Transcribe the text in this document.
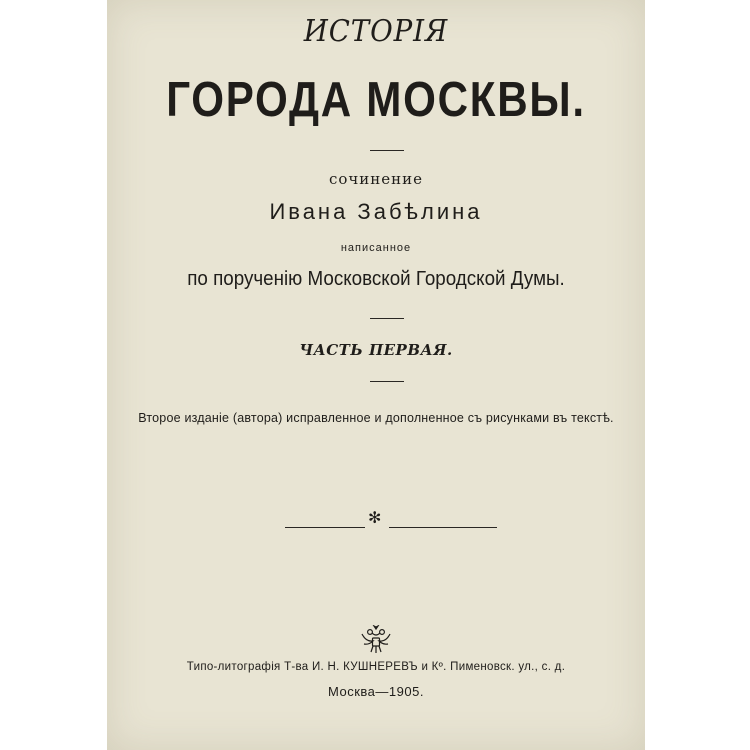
ИСТОРІЯ
ГОРОДА МОСКВЫ.
сочинение
Ивана Забѣлина
написанное
по порученію Московской Городской Думы.
ЧАСТЬ ПЕРВАЯ.
Второе изданіе (автора) исправленное и дополненное съ рисунками въ текстѣ.
✻
Типо-литографія Т-ва И. Н. КУШНЕРЕВЪ и Кº. Пименовск. ул., с. д.
Москва—1905.
